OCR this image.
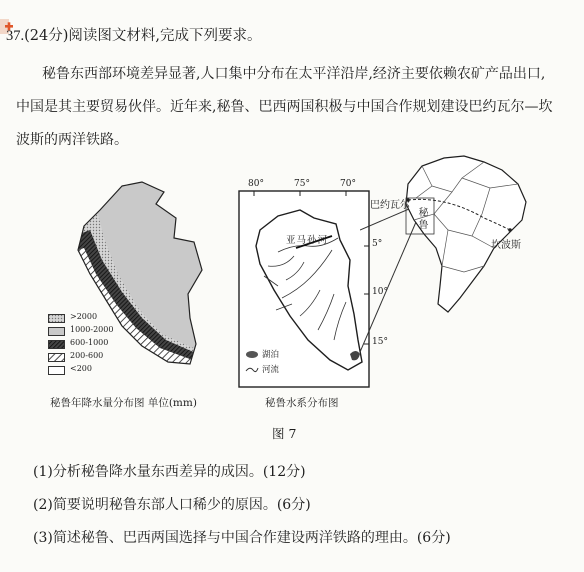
37.(24分)阅读图文材料,完成下列要求。

秘鲁东西部环境差异显著,人口集中分布在太平洋沿岸,经济主要依赖农矿产品出口,

中国是其主要贸易伙伴。近年来,秘鲁、巴西两国积极与中国合作规划建设巴约瓦尔—坎

波斯的两洋铁路。

>2000
1000-2000
600-1000
200-600
<200
秘鲁年降水量分布图 单位(mm)
80°	75°	70°
亚马孙河	5°
10°
15°
湖泊
河流
秘鲁水系分布图
巴约瓦尔
秘鲁
坎波斯
图 7
(1)分析秘鲁降水量东西差异的成因。(12分)
(2)简要说明秘鲁东部人口稀少的原因。(6分)
(3)简述秘鲁、巴西两国选择与中国合作建设两洋铁路的理由。(6分)
